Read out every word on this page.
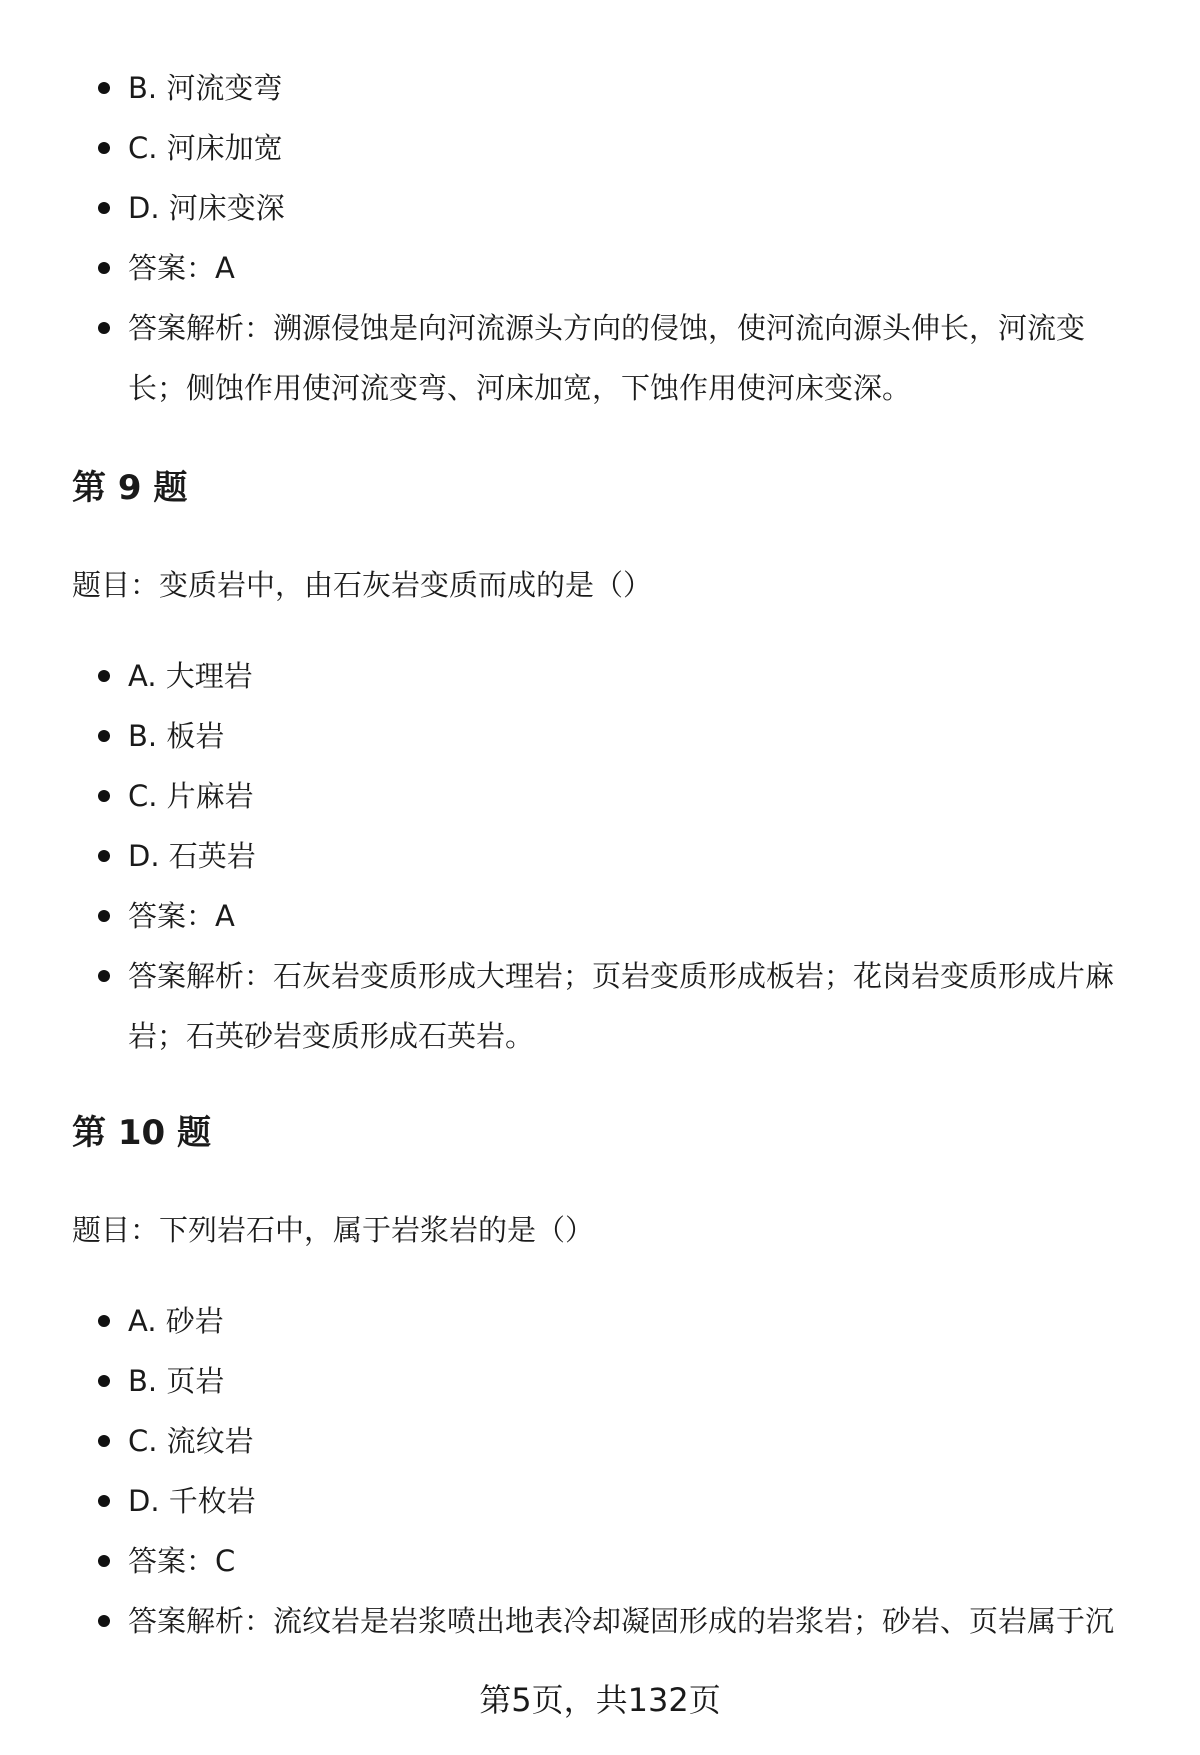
B. 河流变弯
C. 河床加宽
D. 河床变深
答案：A
答案解析：溯源侵蚀是向河流源头方向的侵蚀，使河流向源头伸长，河流变长；侧蚀作用使河流变弯、河床加宽，下蚀作用使河床变深。
第 9 题

题目：变质岩中，由石灰岩变质而成的是（）

A. 大理岩
B. 板岩
C. 片麻岩
D. 石英岩
答案：A
答案解析：石灰岩变质形成大理岩；页岩变质形成板岩；花岗岩变质形成片麻岩；石英砂岩变质形成石英岩。
第 10 题

题目：下列岩石中，属于岩浆岩的是（）

A. 砂岩
B. 页岩
C. 流纹岩
D. 千枚岩
答案：C
答案解析：流纹岩是岩浆喷出地表冷却凝固形成的岩浆岩；砂岩、页岩属于沉
第5页，共132页
